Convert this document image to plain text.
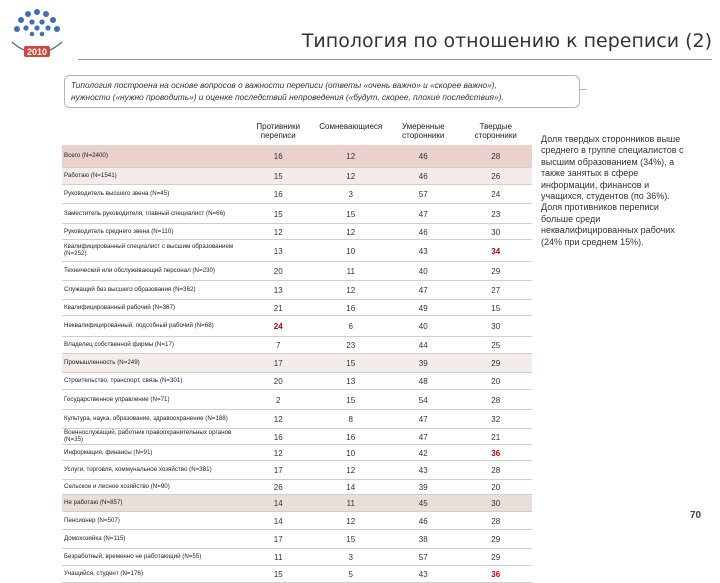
2010	Типология по отношению к переписи (2)
Типология построена на основе вопросов о важности переписи (ответы «очень важно» и «скорее важно»),
нужности («нужно проводить») и оценке последствий непроведения («будут, скорее, плохие последствия»).
	Противники переписи	Сомневающиеся	Умеренные сторонники	Твердые сторонники
Всего (N=2400)	16	12	46	28
Работаю (N=1541)	15	12	46	26
Руководитель высшего звена (N=45)	16	3	57	24
Заместитель руководителя, главный специалист (N=66)	15	15	47	23
Руководитель среднего звена (N=110)	12	12	46	30
Квалифицированный специалист с высшим образованием (N=252)	13	10	43	34
Технический или обслуживающий персонал (N=230)	20	11	40	29
Служащий без высшего образования (N=362)	13	12	47	27
Квалифицированный рабочий (N=367)	21	16	49	15
Неквалифицированный, подсобный рабочий (N=68)	24	6	40	30
Владелец собственной фирмы (N=17)	7	23	44	25
Промышленность (N=249)	17	15	39	29
Строительство, транспорт, связь (N=301)	20	13	48	20
Государственное управление (N=71)	2	15	54	28
Культура, наука, образование, здравоохранение (N=188)	12	8	47	32
Военнослужащий, работник правоохранительных органов (N=35)	16	16	47	21
Информация, финансы (N=91)	12	10	42	36
Услуги, торговля, коммунальное хозяйство (N=381)	17	12	43	28
Сельское и лесное хозяйство (N=90)	26	14	39	20
Не работаю (N=857)	14	11	45	30
Пенсионер (N=507)	14	12	46	28
Домохозяйка (N=115)	17	15	38	29
Безработный, временно не работающий (N=55)	11	3	57	29
Учащийся, студент (N=176)	15	5	43	36
Доля твердых сторонников выше среднего в группе специалистов с высшим образованием (34%), а также занятых в сфере информации, финансов и учащихся, студентов (по 36%). Доля противников переписи больше среди неквалифицированных рабочих (24% при среднем 15%).
70
